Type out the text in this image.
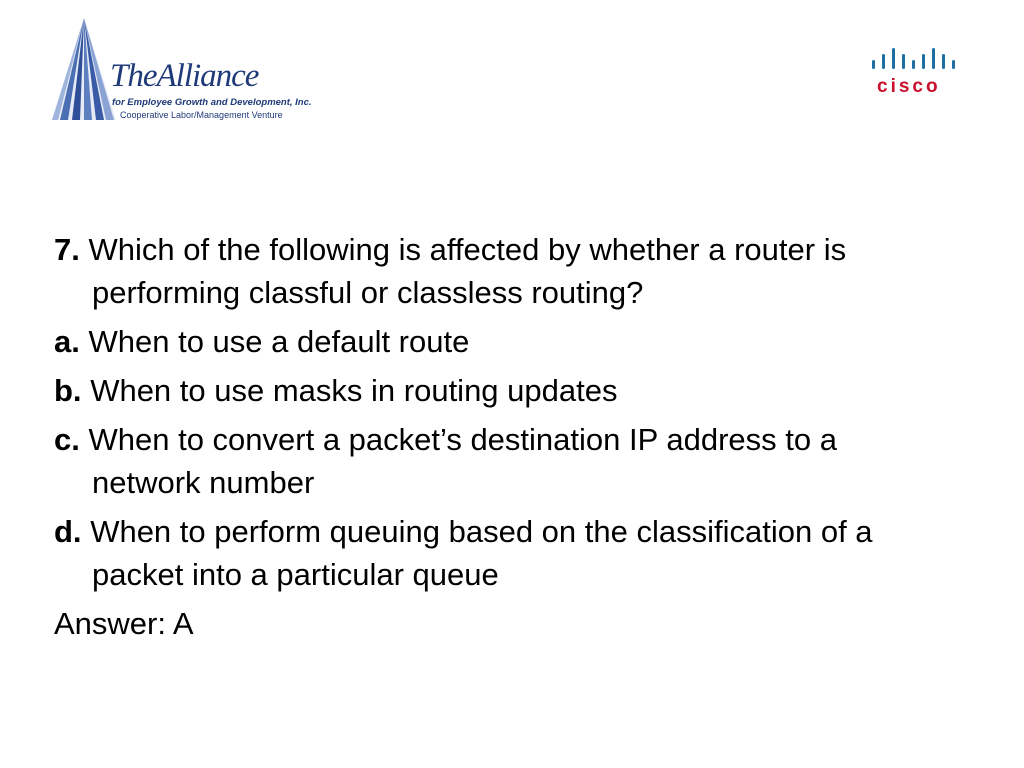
TheAlliance
for Employee Growth and Development, Inc.
Cooperative Labor/Management Venture
cisco

7. Which of the following is affected by whether a router is performing classful or classless routing?

a. When to use a default route

b. When to use masks in routing updates

c. When to convert a packet’s destination IP address to a network number

d. When to perform queuing based on the classification of a packet into a particular queue

Answer: A
